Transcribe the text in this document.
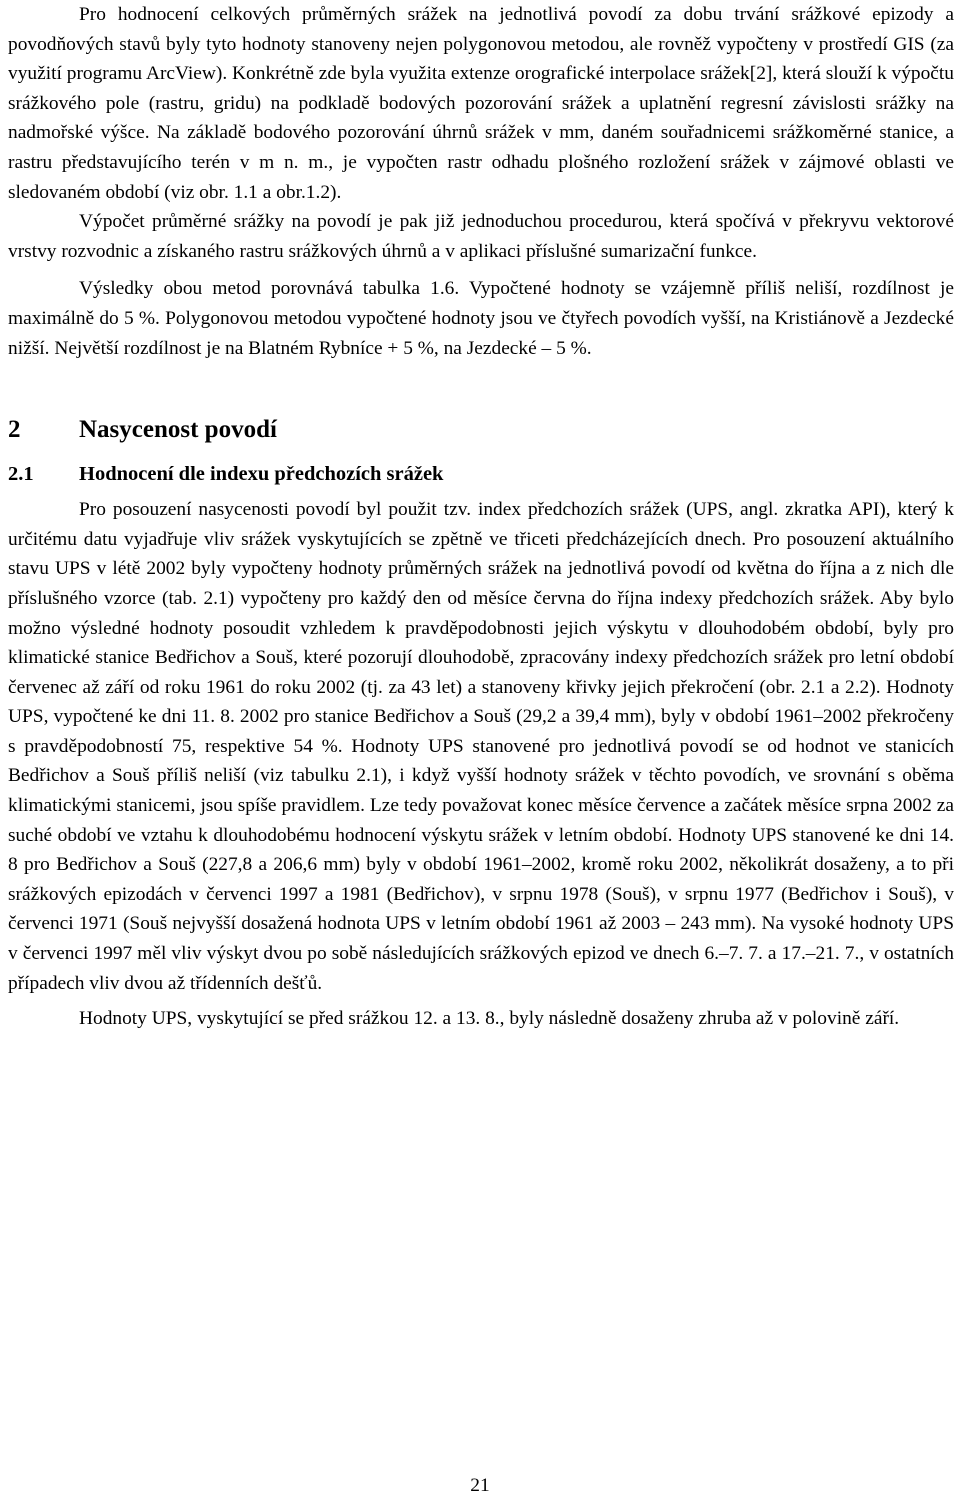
Pro hodnocení celkových průměrných srážek na jednotlivá povodí za dobu trvání srážkové epizody a povodňových stavů byly tyto hodnoty stanoveny nejen polygonovou metodou, ale rovněž vypočteny v prostředí GIS (za využití programu ArcView). Konkrétně zde byla využita extenze orografické interpolace srážek[2], která slouží k výpočtu srážkového pole (rastru, gridu) na podkladě bodových pozorování srážek a uplatnění regresní závislosti srážky na nadmořské výšce. Na základě bodového pozorování úhrnů srážek v mm, daném souřadnicemi srážkoměrné stanice, a rastru představujícího terén v m n. m., je vypočten rastr odhadu plošného rozložení srážek v zájmové oblasti ve sledovaném období (viz obr. 1.1 a obr.1.2).

Výpočet průměrné srážky na povodí je pak již jednoduchou procedurou, která spočívá v překryvu vektorové vrstvy rozvodnic a získaného rastru srážkových úhrnů a v aplikaci příslušné sumarizační funkce.

Výsledky obou metod porovnává tabulka 1.6. Vypočtené hodnoty se vzájemně příliš neliší, rozdílnost je maximálně do 5 %. Polygonovou metodou vypočtené hodnoty jsou ve čtyřech povodích vyšší, na Kristiánově a Jezdecké nižší. Největší rozdílnost je na Blatném Rybníce + 5 %, na Jezdecké – 5 %.

2	Nasycenost povodí
2.1	Hodnocení dle indexu předchozích srážek

Pro posouzení nasycenosti povodí byl použit tzv. index předchozích srážek (UPS, angl. zkratka API), který k určitému datu vyjadřuje vliv srážek vyskytujících se zpětně ve třiceti předcházejících dnech. Pro posouzení aktuálního stavu UPS v létě 2002 byly vypočteny hodnoty průměrných srážek na jednotlivá povodí od května do října a z nich dle příslušného vzorce (tab. 2.1) vypočteny pro každý den od měsíce června do října indexy předchozích srážek. Aby bylo možno výsledné hodnoty posoudit vzhledem k pravděpodobnosti jejich výskytu v dlouhodobém období, byly pro klimatické stanice Bedřichov a Souš, které pozorují dlouhodobě, zpracovány indexy předchozích srážek pro letní období červenec až září od roku 1961 do roku 2002 (tj. za 43 let) a stanoveny křivky jejich překročení (obr. 2.1 a 2.2). Hodnoty UPS, vypočtené ke dni 11. 8. 2002 pro stanice Bedřichov a Souš (29,2 a 39,4 mm), byly v období 1961–2002 překročeny s pravděpodobností 75, respektive 54 %. Hodnoty UPS stanovené pro jednotlivá povodí se od hodnot ve stanicích Bedřichov a Souš příliš neliší (viz tabulku 2.1), i když vyšší hodnoty srážek v těchto povodích, ve srovnání s oběma klimatickými stanicemi, jsou spíše pravidlem. Lze tedy považovat konec měsíce července a začátek měsíce srpna 2002 za suché období ve vztahu k dlouhodobému hodnocení výskytu srážek v letním období. Hodnoty UPS stanovené ke dni 14. 8 pro Bedřichov a Souš (227,8 a 206,6 mm) byly v období 1961–2002, kromě roku 2002, několikrát dosaženy, a to při srážkových epizodách v červenci 1997 a 1981 (Bedřichov), v srpnu 1978 (Souš), v srpnu 1977 (Bedřichov i Souš), v červenci 1971 (Souš nejvyšší dosažená hodnota UPS v letním období 1961 až 2003 – 243 mm). Na vysoké hodnoty UPS v červenci 1997 měl vliv výskyt dvou po sobě následujících srážkových epizod ve dnech 6.–7. 7. a 17.–21. 7., v ostatních případech vliv dvou až třídenních dešťů.

Hodnoty UPS, vyskytující se před srážkou 12. a 13. 8., byly následně dosaženy zhruba až v polovině září.

21
